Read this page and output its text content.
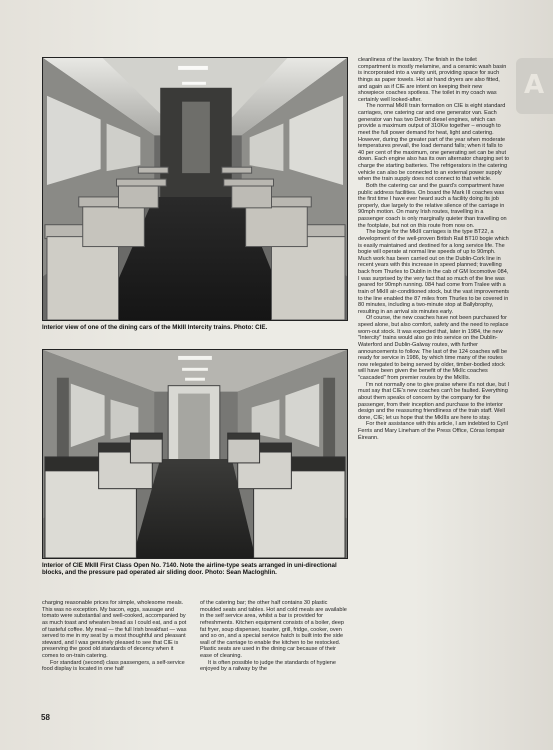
A
Interior view of one of the dining cars of the MkIII Intercity trains. Photo: CIE.
Interior of CIE MkIII First Class Open No. 7140. Note the airline-type seats arranged in uni-directional blocks, and the pressure pad operated air sliding door. Photo: Sean Macloghlin.

charging reasonable prices for simple, wholesome meals. This was no exception. My bacon, eggs, sausage and tomato were substantial and well-cooked, accompanied by as much toast and wheaten bread as I could eat, and a pot of tasteful coffee. My meal — the full Irish breakfast — was served to me in my seat by a most thoughtful and pleasant steward, and I was genuinely pleased to see that CIE is preserving the good old standards of decency when it comes to on-train catering.

For standard (second) class passengers, a self-service food display is located in one half

of the catering bar; the other half contains 30 plastic moulded seats and tables. Hot and cold meals are available in the self service area, whilst a bar is provided for refreshments. Kitchen equipment consists of a boiler, deep fat fryer, soup dispenser, toaster, grill, fridge, cooker, oven and so on, and a special service hatch is built into the side wall of the carriage to enable the kitchen to be restocked. Plastic seats are used in the dining car because of their ease of cleaning.

It is often possible to judge the standards of hygiene enjoyed by a railway by the

cleanliness of the lavatory. The finish in the toilet compartment is mostly melamine, and a ceramic wash basin is incorporated into a vanity unit, providing space for such things as paper towels. Hot air hand dryers are also fitted, and again as if CIE are intent on keeping their new showpiece coaches spotless. The toilet in my coach was certainly well looked-after.

The normal MkIII train formation on CIE is eight standard carriages, one catering car and one generator van. Each generator van has two Detroit diesel engines, which can provide a maximum output of 310Kw together – enough to meet the full power demand for heat, light and catering. However, during the greater part of the year when moderate temperatures prevail, the load demand falls; when it falls to 40 per cent of the maximum, one generating set can be shut down. Each engine also has its own alternator charging set to charge the starting batteries. The refrigerators in the catering vehicle can also be connected to an external power supply when the train supply does not connect to that vehicle.

Both the catering car and the guard's compartment have public address facilities. On board the Mark III coaches was the first time I have ever heard such a facility doing its job properly, due largely to the relative silence of the carriage in 90mph motion. On many Irish routes, travelling in a passenger coach is only marginally quieter than travelling on the footplate, but not on this route from now on.

The bogie for the MkIII carriages is the type BT22, a development of the well-proven British Rail BT10 bogie which is easily maintained and destined for a long service life. The bogie will operate at normal line speeds of up to 90mph. Much work has been carried out on the Dublin-Cork line in recent years with this increase in speed planned; travelling back from Thurles to Dublin in the cab of GM locomotive 084, I was surprised by the very fact that so much of the line was geared for 90mph running. 084 had come from Tralee with a train of MkIII air-conditioned stock, but the vast improvements to the line enabled the 87 miles from Thurles to be covered in 80 minutes, including a two-minute stop at Ballybrophy, resulting in an arrival six minutes early.

Of course, the new coaches have not been purchased for speed alone, but also comfort, safety and the need to replace worn-out stock. It was expected that, later in 1984, the new "Intercity" trains would also go into service on the Dublin-Waterford and Dublin-Galway routes, with further announcements to follow. The last of the 124 coaches will be ready for service in 1986, by which time many of the routes now relegated to being served by older, timber-bodied stock will have been given the benefit of the MkIIc coaches "cascaded" from premier routes by the MkIIIs.

I'm not normally one to give praise where it's not due, but I must say that CIE's new coaches can't be faulted. Everything about them speaks of concern by the company for the passenger, from their inception and purchase to the interior design and the reassuring friendliness of the train staff. Well done, CIE; let us hope that the MkIIIs are here to stay.

For their assistance with this article, I am indebted to Cyril Ferris and Mary Lineham of the Press Office, Córas Iompair Éireann.

58
